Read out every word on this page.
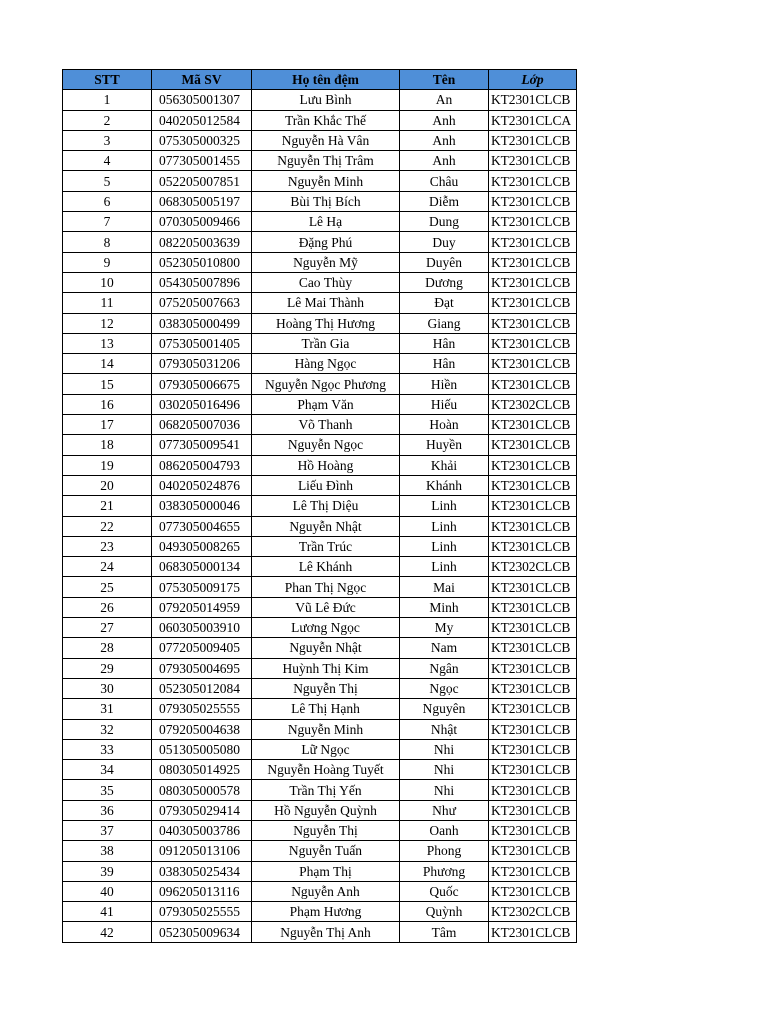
STT	Mã SV	Họ tên đệm	Tên	Lớp
1	056305001307	Lưu Bình	An	KT2301CLCB
2	040205012584	Trần Khắc Thế	Anh	KT2301CLCA
3	075305000325	Nguyễn Hà Vân	Anh	KT2301CLCB
4	077305001455	Nguyễn Thị Trâm	Anh	KT2301CLCB
5	052205007851	Nguyễn Minh	Châu	KT2301CLCB
6	068305005197	Bùi Thị Bích	Diễm	KT2301CLCB
7	070305009466	Lê Hạ	Dung	KT2301CLCB
8	082205003639	Đặng Phú	Duy	KT2301CLCB
9	052305010800	Nguyễn Mỹ	Duyên	KT2301CLCB
10	054305007896	Cao Thùy	Dương	KT2301CLCB
11	075205007663	Lê Mai Thành	Đạt	KT2301CLCB
12	038305000499	Hoàng Thị Hương	Giang	KT2301CLCB
13	075305001405	Trần Gia	Hân	KT2301CLCB
14	079305031206	Hàng Ngọc	Hân	KT2301CLCB
15	079305006675	Nguyễn Ngọc Phương	Hiền	KT2301CLCB
16	030205016496	Phạm Văn	Hiếu	KT2302CLCB
17	068205007036	Võ Thanh	Hoàn	KT2301CLCB
18	077305009541	Nguyễn Ngọc	Huyền	KT2301CLCB
19	086205004793	Hồ Hoàng	Khải	KT2301CLCB
20	040205024876	Liếu Đình	Khánh	KT2301CLCB
21	038305000046	Lê Thị Diệu	Linh	KT2301CLCB
22	077305004655	Nguyễn Nhật	Linh	KT2301CLCB
23	049305008265	Trần Trúc	Linh	KT2301CLCB
24	068305000134	Lê Khánh	Linh	KT2302CLCB
25	075305009175	Phan Thị Ngọc	Mai	KT2301CLCB
26	079205014959	Vũ Lê Đức	Minh	KT2301CLCB
27	060305003910	Lương Ngọc	My	KT2301CLCB
28	077205009405	Nguyễn Nhật	Nam	KT2301CLCB
29	079305004695	Huỳnh Thị Kim	Ngân	KT2301CLCB
30	052305012084	Nguyễn Thị	Ngọc	KT2301CLCB
31	079305025555	Lê Thị Hạnh	Nguyên	KT2301CLCB
32	079205004638	Nguyễn Minh	Nhật	KT2301CLCB
33	051305005080	Lữ Ngọc	Nhi	KT2301CLCB
34	080305014925	Nguyễn Hoàng Tuyết	Nhi	KT2301CLCB
35	080305000578	Trần Thị Yến	Nhi	KT2301CLCB
36	079305029414	Hồ Nguyễn Quỳnh	Như	KT2301CLCB
37	040305003786	Nguyễn Thị	Oanh	KT2301CLCB
38	091205013106	Nguyễn Tuấn	Phong	KT2301CLCB
39	038305025434	Phạm Thị	Phương	KT2301CLCB
40	096205013116	Nguyễn Anh	Quốc	KT2301CLCB
41	079305025555	Phạm Hương	Quỳnh	KT2302CLCB
42	052305009634	Nguyễn Thị Anh	Tâm	KT2301CLCB
